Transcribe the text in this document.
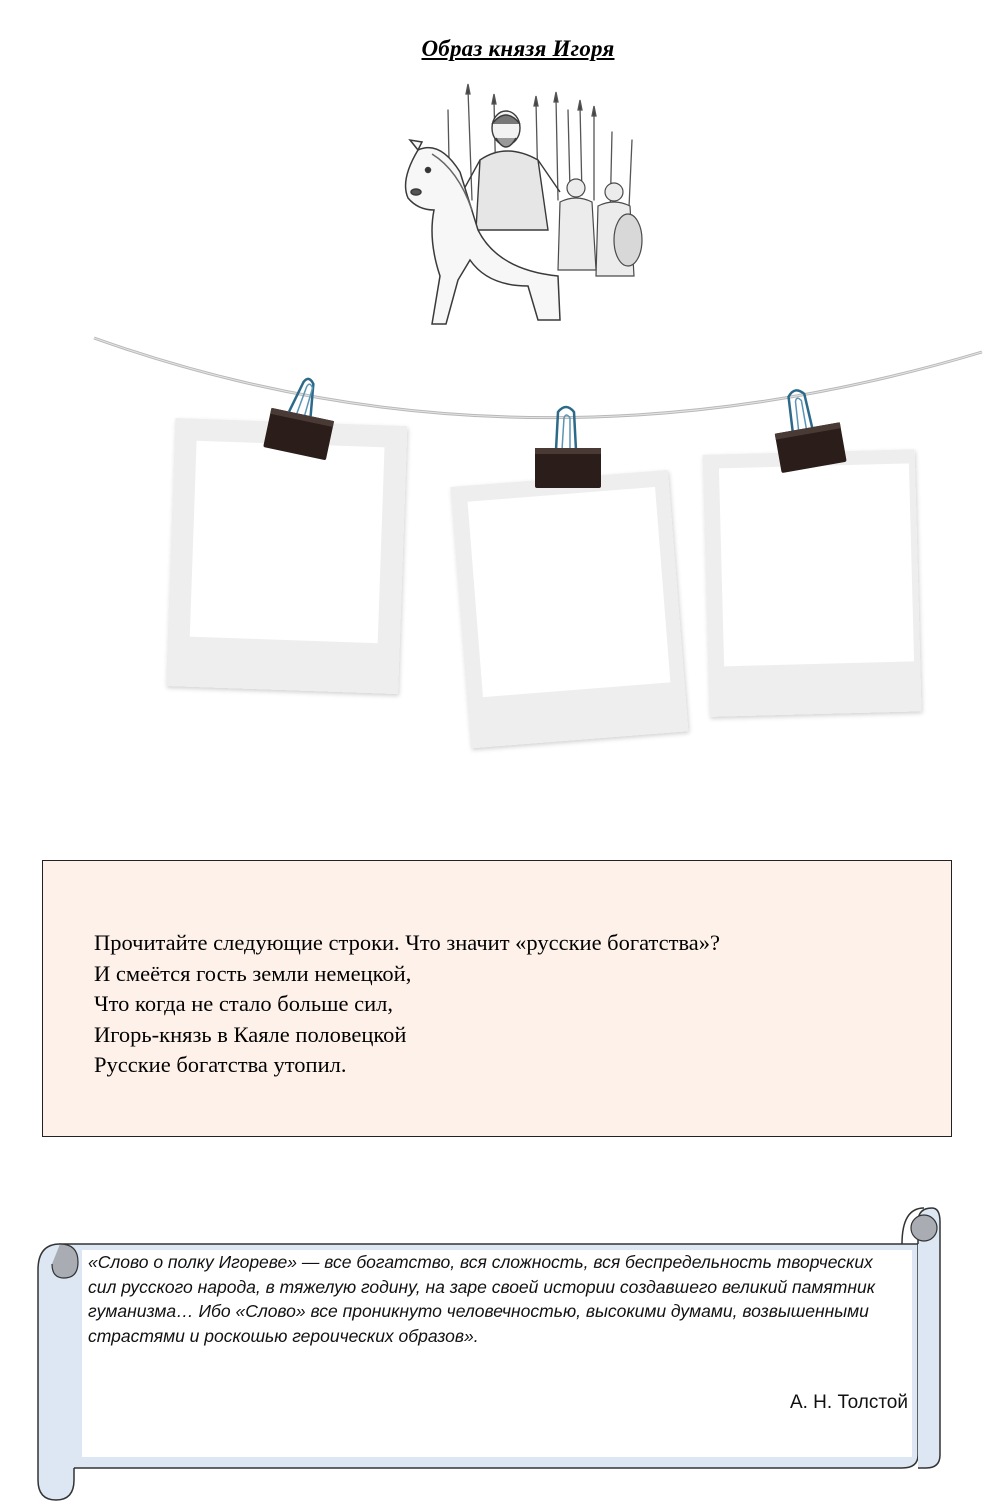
Образ князя Игоря
Прочитайте следующие строки. Что значит «русские богатства»?
И смеётся гость земли немецкой,
Что когда не стало больше сил,
Игорь-князь в Каяле половецкой
Русские богатства утопил.
«Слово о полку Игореве» — все богатство, вся сложность, вся беспредельность творческих сил русского народа, в тяжелую годину, на заре своей истории создавшего великий памятник гуманизма… Ибо «Слово» все проникнуто человечностью, высокими думами, возвышенными страстями и роскошью героических образов».
А. Н. Толстой
